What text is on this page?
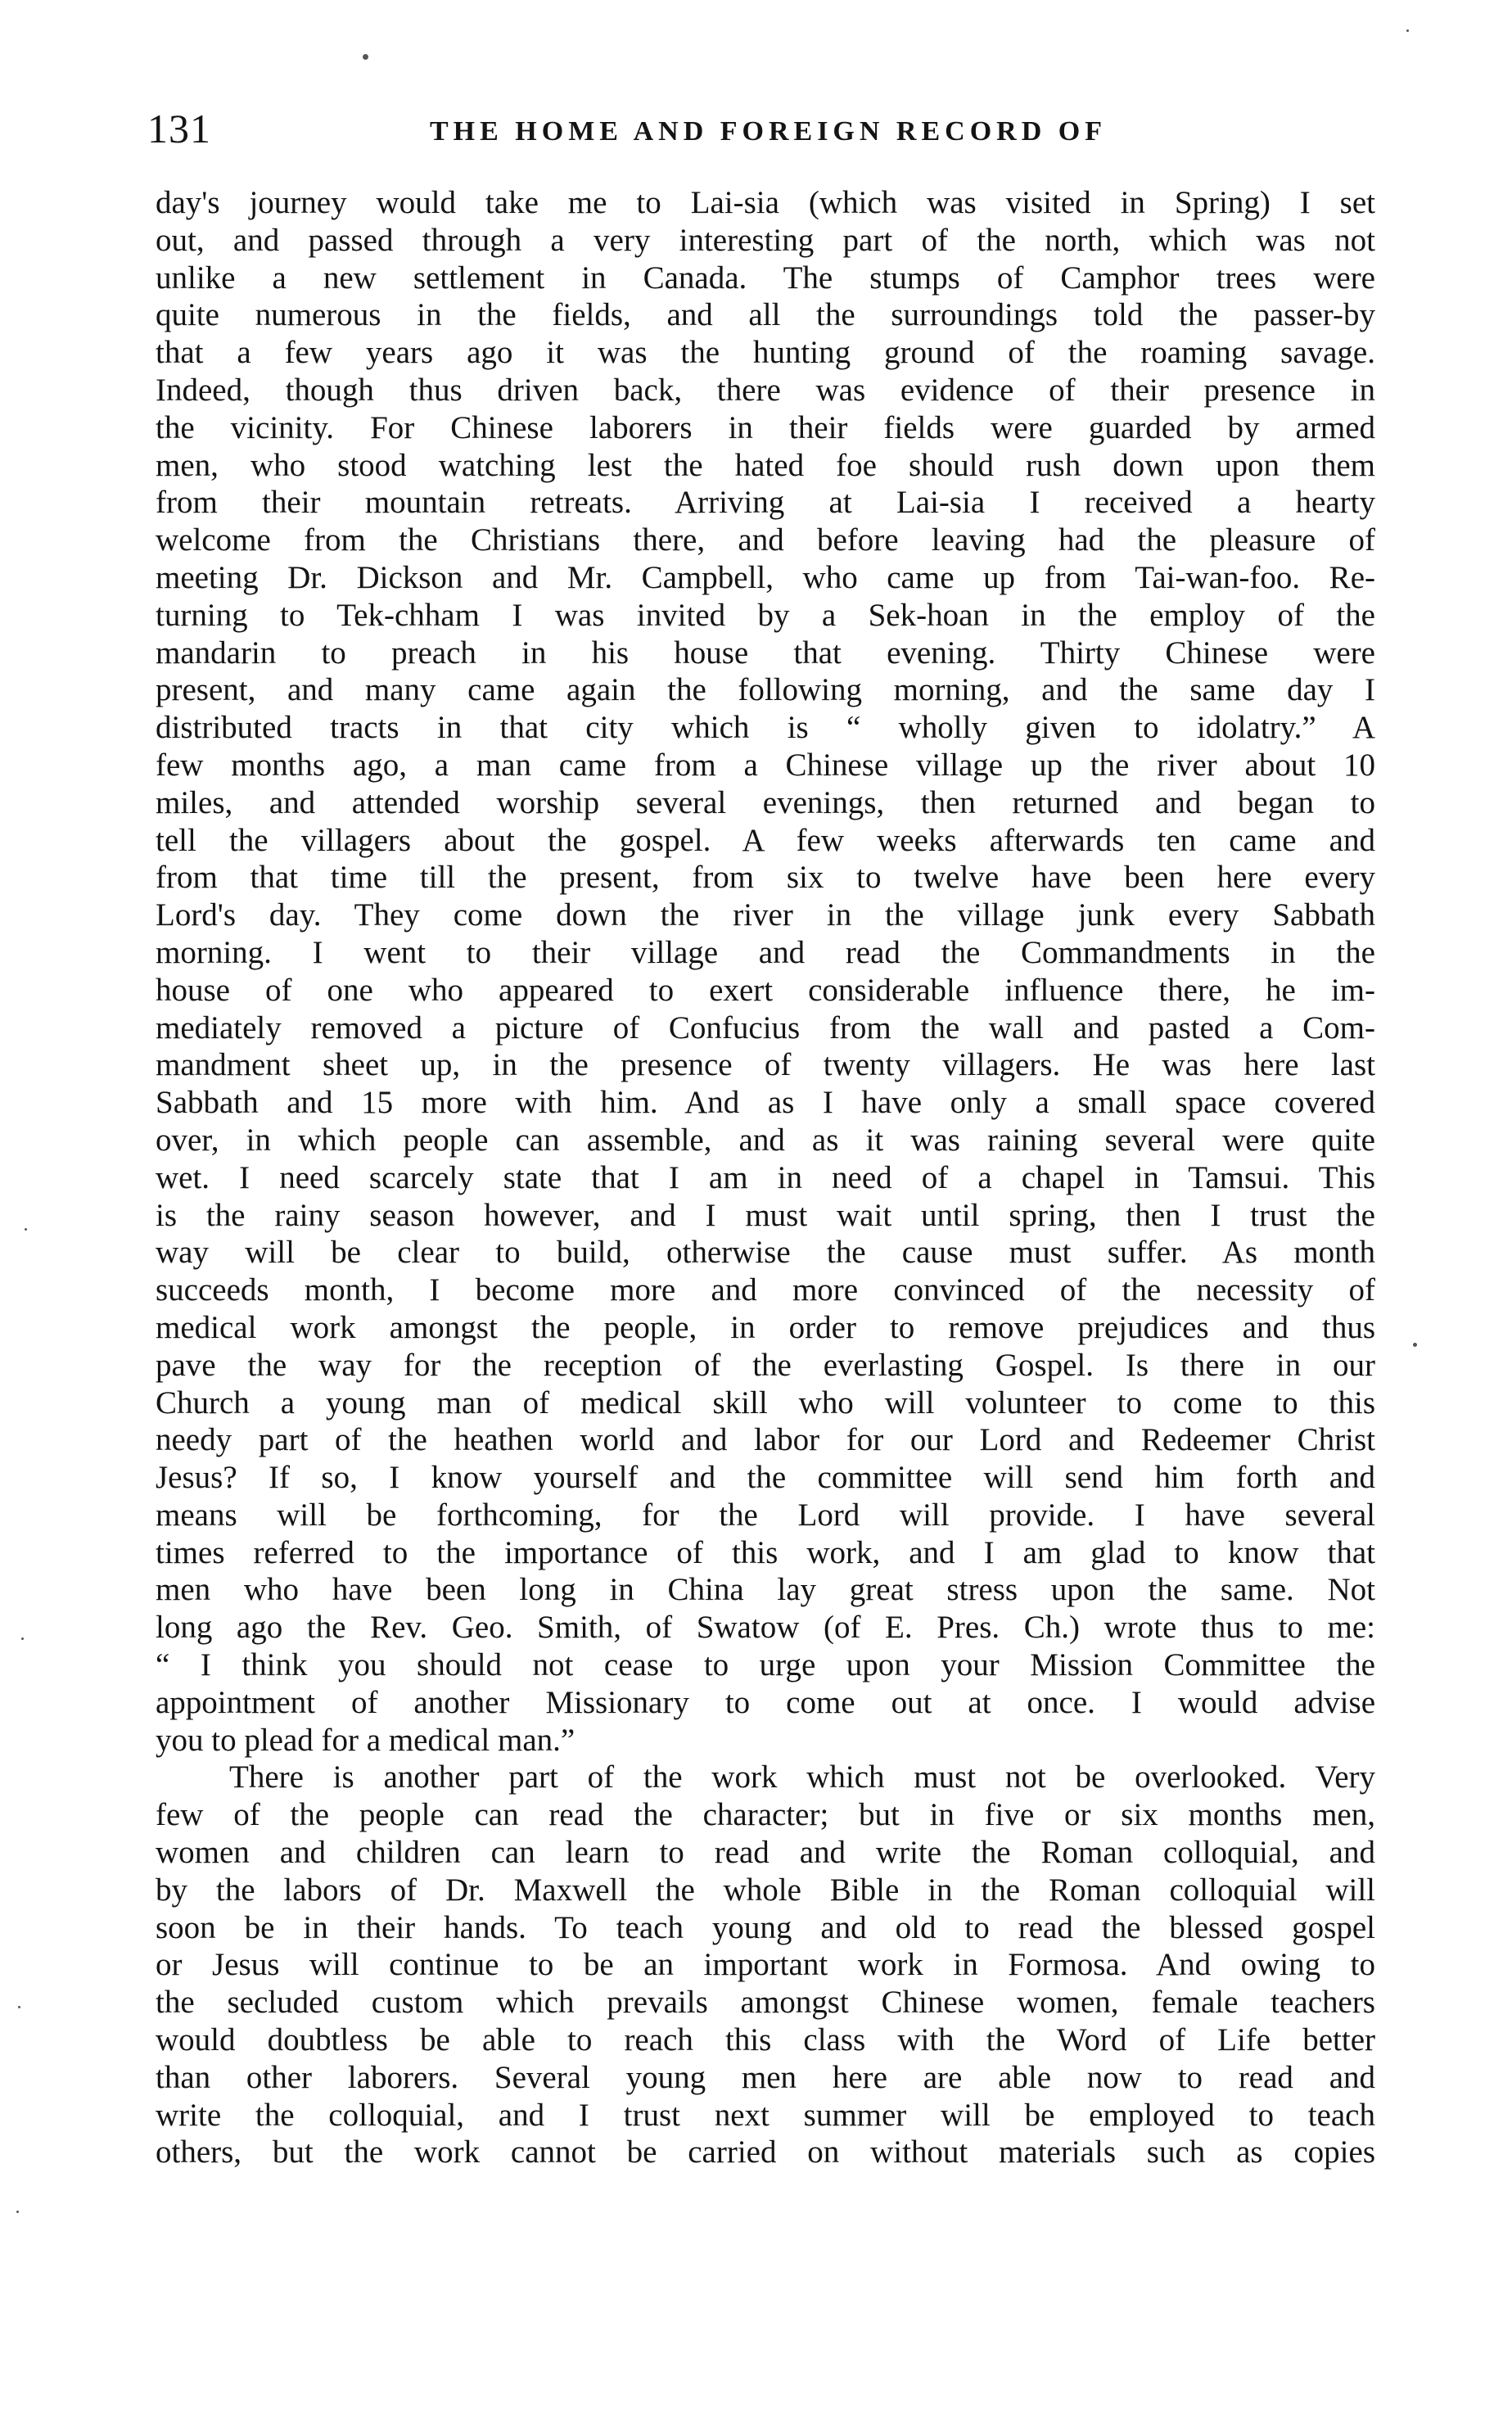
131	THE HOME AND FOREIGN RECORD OF
day's journey would take me to Lai-sia (which was visited in Spring) I set
out, and passed through a very interesting part of the north, which was not
unlike a new settlement in Canada. The stumps of Camphor trees were
quite numerous in the fields, and all the surroundings told the passer-by
that a few years ago it was the hunting ground of the roaming savage.
Indeed, though thus driven back, there was evidence of their presence in
the vicinity. For Chinese laborers in their fields were guarded by armed
men, who stood watching lest the hated foe should rush down upon them
from their mountain retreats. Arriving at Lai-sia I received a hearty
welcome from the Christians there, and before leaving had the pleasure of
meeting Dr. Dickson and Mr. Campbell, who came up from Tai-wan-foo. Re-
turning to Tek-chham I was invited by a Sek-hoan in the employ of the
mandarin to preach in his house that evening. Thirty Chinese were
present, and many came again the following morning, and the same day I
distributed tracts in that city which is “ wholly given to idolatry.” A
few months ago, a man came from a Chinese village up the river about 10
miles, and attended worship several evenings, then returned and began to
tell the villagers about the gospel. A few weeks afterwards ten came and
from that time till the present, from six to twelve have been here every
Lord's day. They come down the river in the village junk every Sabbath
morning. I went to their village and read the Commandments in the
house of one who appeared to exert considerable influence there, he im-
mediately removed a picture of Confucius from the wall and pasted a Com-
mandment sheet up, in the presence of twenty villagers. He was here last
Sabbath and 15 more with him. And as I have only a small space covered
over, in which people can assemble, and as it was raining several were quite
wet. I need scarcely state that I am in need of a chapel in Tamsui. This
is the rainy season however, and I must wait until spring, then I trust the
way will be clear to build, otherwise the cause must suffer. As month
succeeds month, I become more and more convinced of the necessity of
medical work amongst the people, in order to remove prejudices and thus
pave the way for the reception of the everlasting Gospel. Is there in our
Church a young man of medical skill who will volunteer to come to this
needy part of the heathen world and labor for our Lord and Redeemer Christ
Jesus? If so, I know yourself and the committee will send him forth and
means will be forthcoming, for the Lord will provide. I have several
times referred to the importance of this work, and I am glad to know that
men who have been long in China lay great stress upon the same. Not
long ago the Rev. Geo. Smith, of Swatow (of E. Pres. Ch.) wrote thus to me:
“ I think you should not cease to urge upon your Mission Committee the
appointment of another Missionary to come out at once. I would advise
you to plead for a medical man.”
There is another part of the work which must not be overlooked. Very
few of the people can read the character; but in five or six months men,
women and children can learn to read and write the Roman colloquial, and
by the labors of Dr. Maxwell the whole Bible in the Roman colloquial will
soon be in their hands. To teach young and old to read the blessed gospel
or Jesus will continue to be an important work in Formosa. And owing to
the secluded custom which prevails amongst Chinese women, female teachers
would doubtless be able to reach this class with the Word of Life better
than other laborers. Several young men here are able now to read and
write the colloquial, and I trust next summer will be employed to teach
others, but the work cannot be carried on without materials such as copies
